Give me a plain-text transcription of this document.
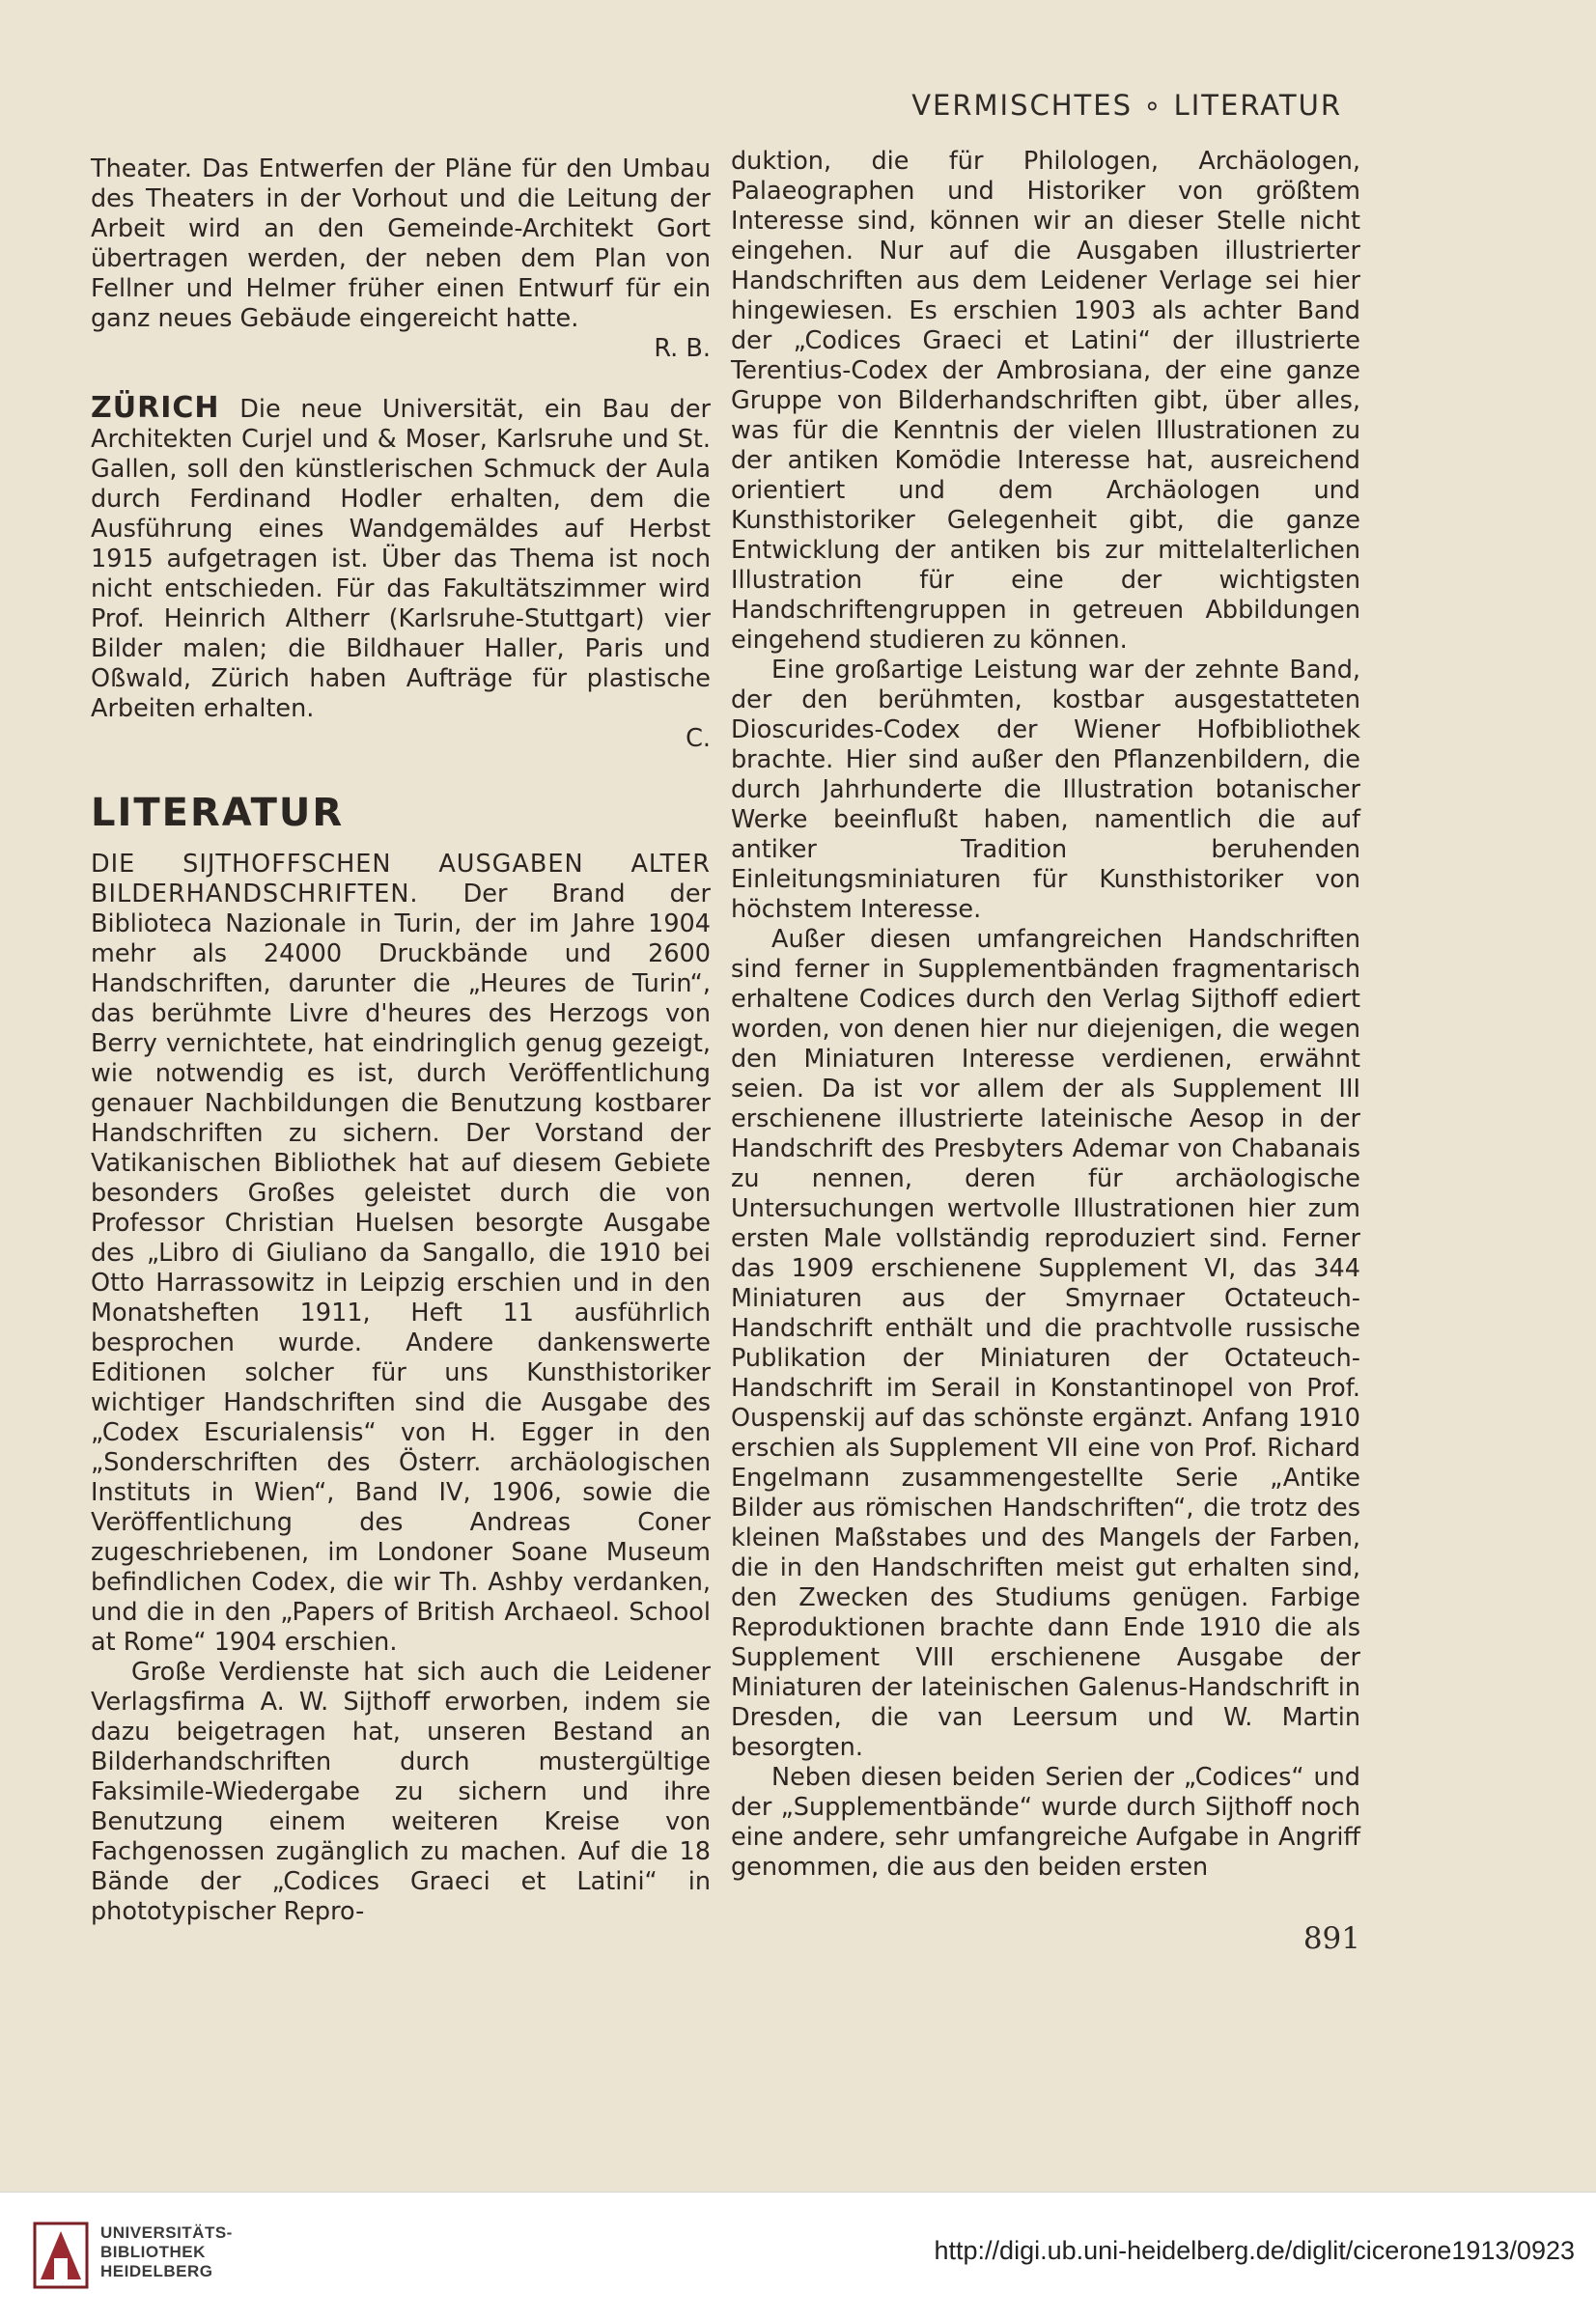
VERMISCHTES ∘ LITERATUR

Theater. Das Entwerfen der Pläne für den Umbau des Theaters in der Vorhout und die Leitung der Arbeit wird an den Gemeinde-Architekt Gort übertragen werden, der neben dem Plan von Fellner und Helmer früher einen Entwurf für ein ganz neues Gebäude eingereicht hatte.

R. B.

ZÜRICH Die neue Universität, ein Bau der Architekten Curjel und & Moser, Karlsruhe und St. Gallen, soll den künstlerischen Schmuck der Aula durch Ferdinand Hodler erhalten, dem die Ausführung eines Wandgemäldes auf Herbst 1915 aufgetragen ist. Über das Thema ist noch nicht entschieden. Für das Fakultätszimmer wird Prof. Heinrich Altherr (Karlsruhe-Stuttgart) vier Bilder malen; die Bildhauer Haller, Paris und Oßwald, Zürich haben Aufträge für plastische Arbeiten erhalten.

C.
LITERATUR

DIE SIJTHOFFSCHEN AUSGABEN ALTER BILDERHANDSCHRIFTEN. Der Brand der Biblioteca Nazionale in Turin, der im Jahre 1904 mehr als 24000 Druckbände und 2600 Handschriften, darunter die „Heures de Turin“, das berühmte Livre d'heures des Herzogs von Berry vernichtete, hat eindringlich genug gezeigt, wie notwendig es ist, durch Veröffentlichung genauer Nachbildungen die Benutzung kostbarer Handschriften zu sichern. Der Vorstand der Vatikanischen Bibliothek hat auf diesem Gebiete besonders Großes geleistet durch die von Professor Christian Huelsen besorgte Ausgabe des „Libro di Giuliano da Sangallo, die 1910 bei Otto Harrassowitz in Leipzig erschien und in den Monatsheften 1911, Heft 11 ausführlich besprochen wurde. Andere dankenswerte Editionen solcher für uns Kunsthistoriker wichtiger Handschriften sind die Ausgabe des „Codex Escurialensis“ von H. Egger in den „Sonderschriften des Österr. archäologischen Instituts in Wien“, Band IV, 1906, sowie die Veröffentlichung des Andreas Coner zugeschriebenen, im Londoner Soane Museum befindlichen Codex, die wir Th. Ashby verdanken, und die in den „Papers of British Archaeol. School at Rome“ 1904 erschien.

Große Verdienste hat sich auch die Leidener Verlagsfirma A. W. Sijthoff erworben, indem sie dazu beigetragen hat, unseren Bestand an Bilderhandschriften durch mustergültige Faksimile-Wiedergabe zu sichern und ihre Benutzung einem weiteren Kreise von Fachgenossen zugänglich zu machen. Auf die 18 Bände der „Codices Graeci et Latini“ in phototypischer Repro-

duktion, die für Philologen, Archäologen, Palaeographen und Historiker von größtem Interesse sind, können wir an dieser Stelle nicht eingehen. Nur auf die Ausgaben illustrierter Handschriften aus dem Leidener Verlage sei hier hingewiesen. Es erschien 1903 als achter Band der „Codices Graeci et Latini“ der illustrierte Terentius-Codex der Ambrosiana, der eine ganze Gruppe von Bilderhandschriften gibt, über alles, was für die Kenntnis der vielen Illustrationen zu der antiken Komödie Interesse hat, ausreichend orientiert und dem Archäologen und Kunsthistoriker Gelegenheit gibt, die ganze Entwicklung der antiken bis zur mittelalterlichen Illustration für eine der wichtigsten Handschriftengruppen in getreuen Abbildungen eingehend studieren zu können.

Eine großartige Leistung war der zehnte Band, der den berühmten, kostbar ausgestatteten Dioscurides-Codex der Wiener Hofbibliothek brachte. Hier sind außer den Pflanzenbildern, die durch Jahrhunderte die Illustration botanischer Werke beeinflußt haben, namentlich die auf antiker Tradition beruhenden Einleitungsminiaturen für Kunsthistoriker von höchstem Interesse.

Außer diesen umfangreichen Handschriften sind ferner in Supplementbänden fragmentarisch erhaltene Codices durch den Verlag Sijthoff ediert worden, von denen hier nur diejenigen, die wegen den Miniaturen Interesse verdienen, erwähnt seien. Da ist vor allem der als Supplement III erschienene illustrierte lateinische Aesop in der Handschrift des Presbyters Ademar von Chabanais zu nennen, deren für archäologische Untersuchungen wertvolle Illustrationen hier zum ersten Male vollständig reproduziert sind. Ferner das 1909 erschienene Supplement VI, das 344 Miniaturen aus der Smyrnaer Octateuch-Handschrift enthält und die prachtvolle russische Publikation der Miniaturen der Octateuch-Handschrift im Serail in Konstantinopel von Prof. Ouspenskij auf das schönste ergänzt. Anfang 1910 erschien als Supplement VII eine von Prof. Richard Engelmann zusammengestellte Serie „Antike Bilder aus römischen Handschriften“, die trotz des kleinen Maßstabes und des Mangels der Farben, die in den Handschriften meist gut erhalten sind, den Zwecken des Studiums genügen. Farbige Reproduktionen brachte dann Ende 1910 die als Supplement VIII erschienene Ausgabe der Miniaturen der lateinischen Galenus-Handschrift in Dresden, die van Leersum und W. Martin besorgten.

Neben diesen beiden Serien der „Codices“ und der „Supplementbände“ wurde durch Sijthoff noch eine andere, sehr umfangreiche Aufgabe in Angriff genommen, die aus den beiden ersten

891
UNIVERSITÄTS-
BIBLIOTHEK
HEIDELBERG
http://digi.ub.uni-heidelberg.de/diglit/cicerone1913/0923
